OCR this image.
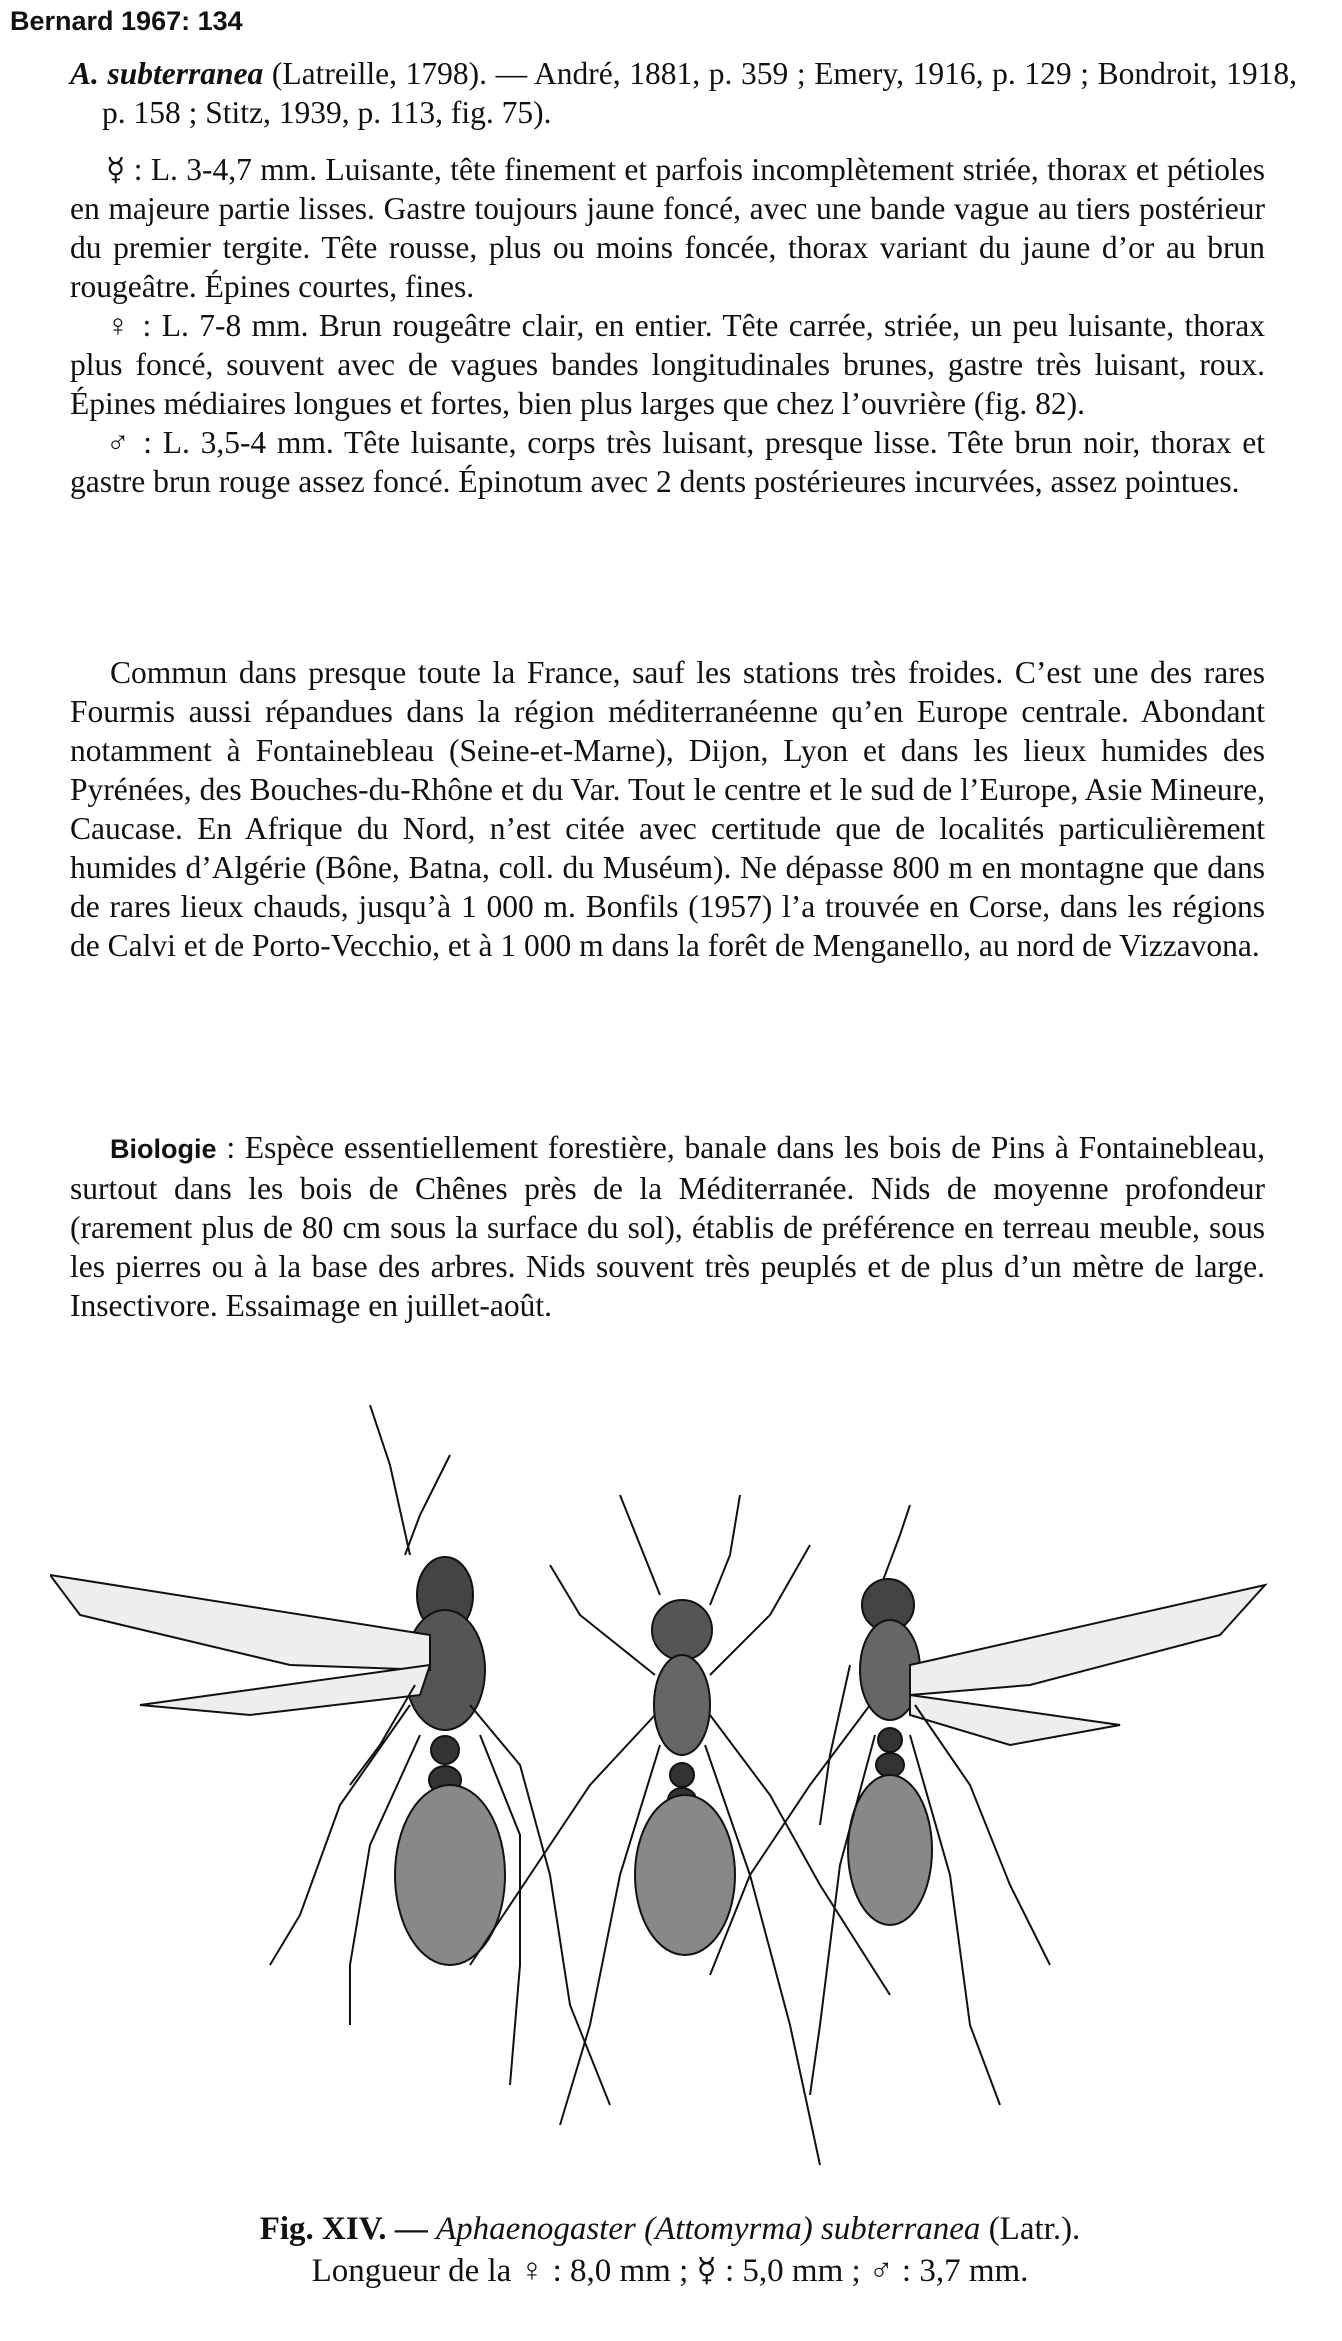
Bernard 1967: 134
A. subterranea (Latreille, 1798). — André, 1881, p. 359 ; Emery, 1916, p. 129 ; Bondroit, 1918, p. 158 ; Stitz, 1939, p. 113, fig. 75).

☿ : L. 3-4,7 mm. Luisante, tête finement et parfois incomplètement striée, thorax et pétioles en majeure partie lisses. Gastre toujours jaune foncé, avec une bande vague au tiers postérieur du premier tergite. Tête rousse, plus ou moins foncée, thorax variant du jaune d’or au brun rougeâtre. Épines courtes, fines.

♀ : L. 7-8 mm. Brun rougeâtre clair, en entier. Tête carrée, striée, un peu luisante, thorax plus foncé, souvent avec de vagues bandes longitudinales brunes, gastre très luisant, roux. Épines médiaires longues et fortes, bien plus larges que chez l’ouvrière (fig. 82).

♂ : L. 3,5-4 mm. Tête luisante, corps très luisant, presque lisse. Tête brun noir, thorax et gastre brun rouge assez foncé. Épinotum avec 2 dents postérieures incurvées, assez pointues.

Commun dans presque toute la France, sauf les stations très froides. C’est une des rares Fourmis aussi répandues dans la région méditerranéenne qu’en Europe centrale. Abondant notamment à Fontainebleau (Seine-et-Marne), Dijon, Lyon et dans les lieux humides des Pyrénées, des Bouches-du-Rhône et du Var. Tout le centre et le sud de l’Europe, Asie Mineure, Caucase. En Afrique du Nord, n’est citée avec certitude que de localités particulièrement humides d’Algérie (Bône, Batna, coll. du Muséum). Ne dépasse 800 m en montagne que dans de rares lieux chauds, jusqu’à 1 000 m. Bonfils (1957) l’a trouvée en Corse, dans les régions de Calvi et de Porto-Vecchio, et à 1 000 m dans la forêt de Menganello, au nord de Vizzavona.

Biologie : Espèce essentiellement forestière, banale dans les bois de Pins à Fontainebleau, surtout dans les bois de Chênes près de la Méditerranée. Nids de moyenne profondeur (rarement plus de 80 cm sous la surface du sol), établis de préférence en terreau meuble, sous les pierres ou à la base des arbres. Nids souvent très peuplés et de plus d’un mètre de large. Insectivore. Essaimage en juillet-août.

Fig. XIV. — Aphaenogaster (Attomyrma) subterranea (Latr.).
Longueur de la ♀ : 8,0 mm ; ☿ : 5,0 mm ; ♂ : 3,7 mm.
